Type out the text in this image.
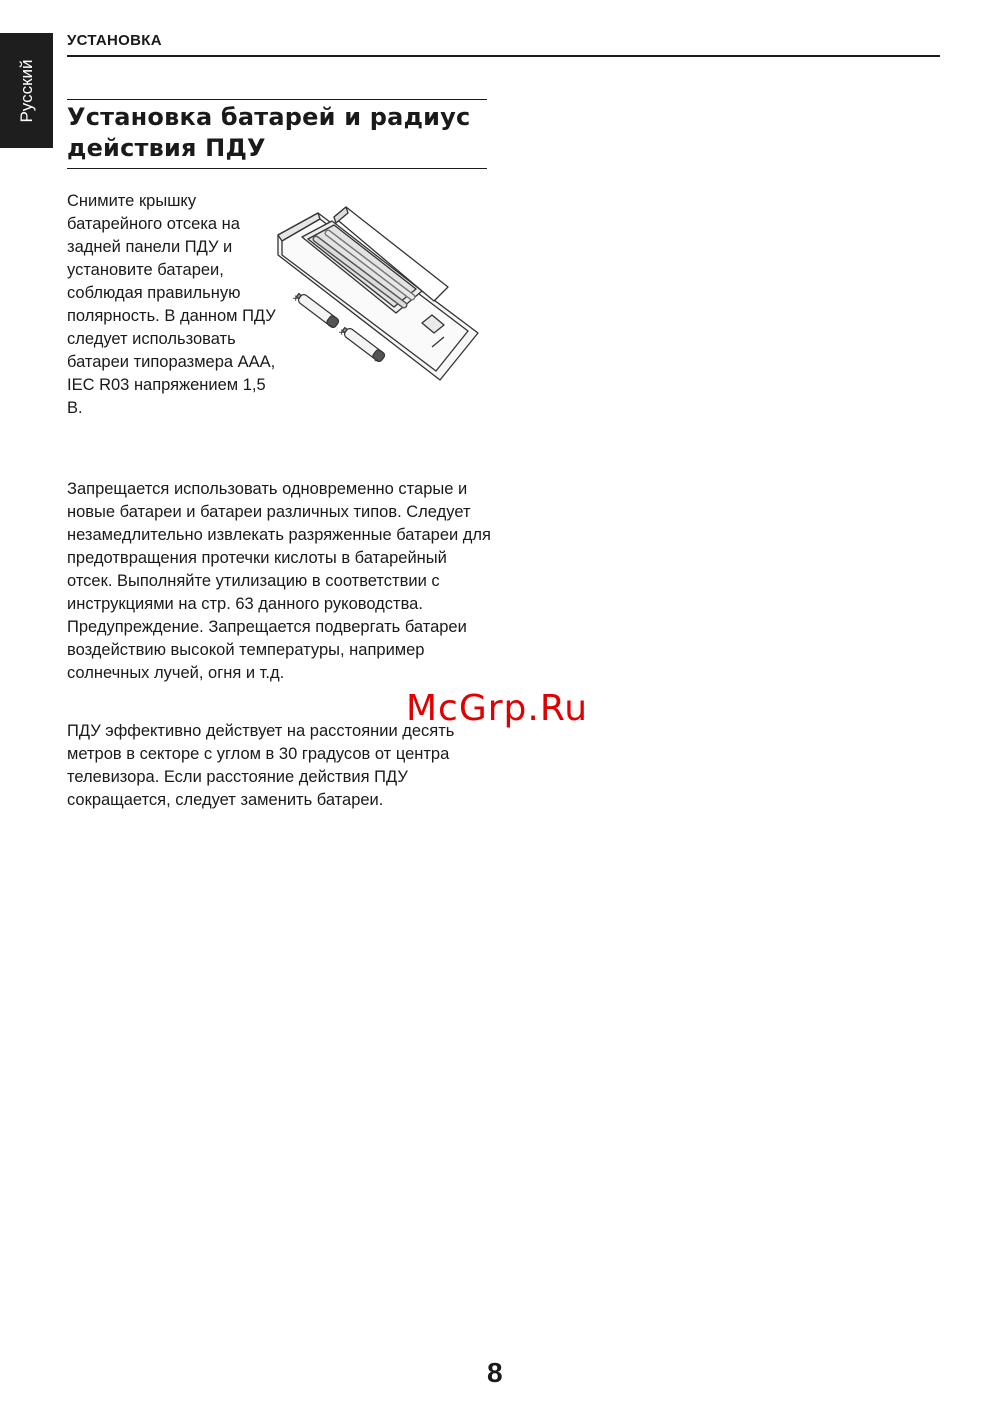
Русский
УСТАНОВКА
Установка батарей и радиус действия ПДУ

Снимите крышку батарейного отсека на задней панели ПДУ и установите батареи, соблюдая правильную полярность. В данном ПДУ следует использовать батареи типоразмера AAA, IEC R03 напряжением 1,5 В.

+
+
–
–

Запрещается использовать одновременно старые и новые батареи и батареи различных типов. Следует незамедлительно извлекать разряженные батареи для предотвращения протечки кислоты в батарейный отсек. Выполняйте утилизацию в соответствии с инструкциями на стр. 63 данного руководства. Предупреждение. Запрещается подвергать батареи воздействию высокой температуры, например солнечных лучей, огня и т.д.

ПДУ эффективно действует на расстоянии десять метров в секторе с углом в 30 градусов от центра телевизора. Если расстояние действия ПДУ сокращается, следует заменить батареи.

McGrp.Ru
8
